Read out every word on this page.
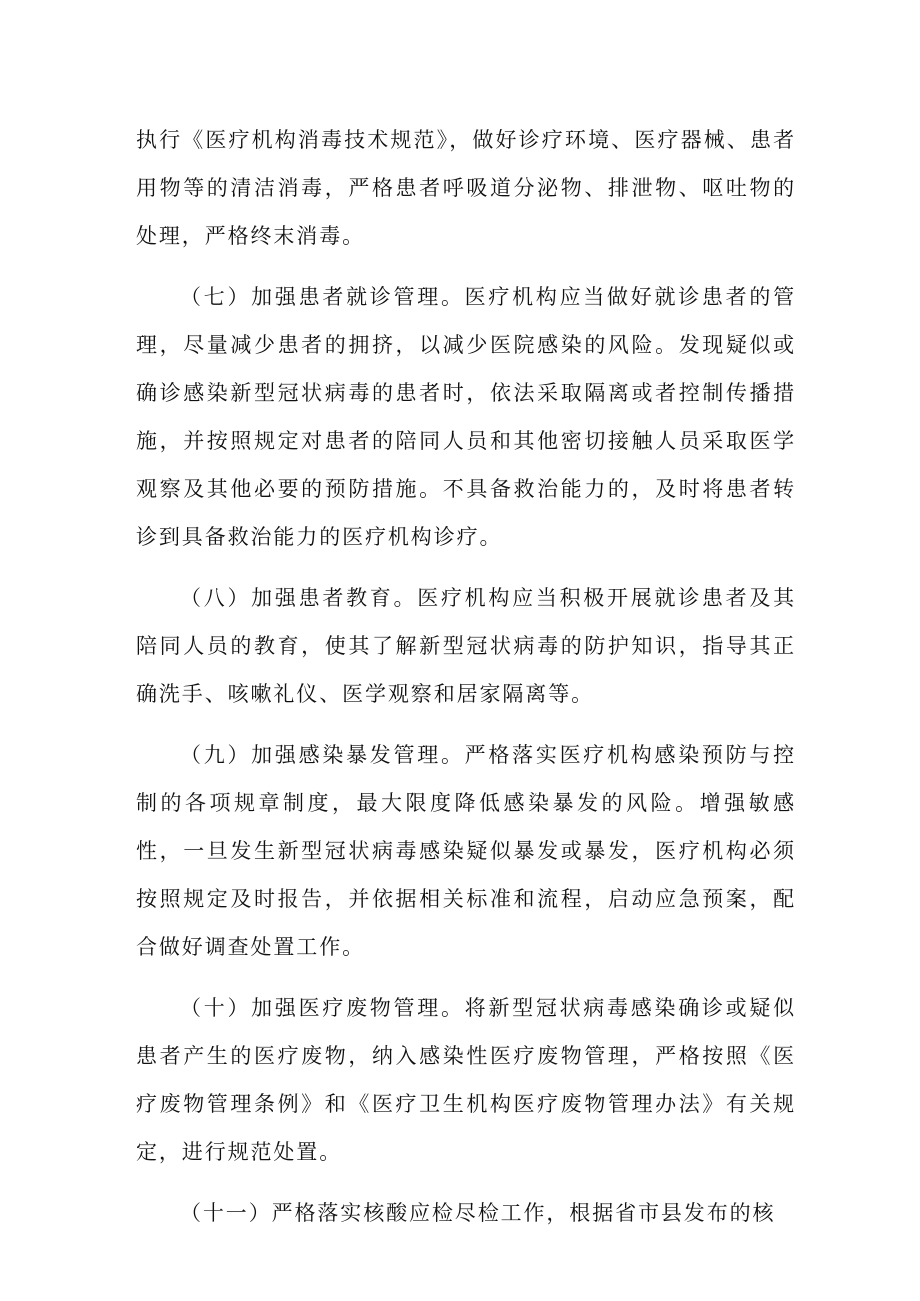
执行《医疗机构消毒技术规范》，做好诊疗环境、医疗器械、患者用物等的清洁消毒，严格患者呼吸道分泌物、排泄物、呕吐物的处理，严格终末消毒。

（七）加强患者就诊管理。医疗机构应当做好就诊患者的管理，尽量减少患者的拥挤，以减少医院感染的风险。发现疑似或确诊感染新型冠状病毒的患者时，依法采取隔离或者控制传播措施，并按照规定对患者的陪同人员和其他密切接触人员采取医学观察及其他必要的预防措施。不具备救治能力的，及时将患者转诊到具备救治能力的医疗机构诊疗。

（八）加强患者教育。医疗机构应当积极开展就诊患者及其陪同人员的教育，使其了解新型冠状病毒的防护知识，指导其正确洗手、咳嗽礼仪、医学观察和居家隔离等。

（九）加强感染暴发管理。严格落实医疗机构感染预防与控制的各项规章制度，最大限度降低感染暴发的风险。增强敏感性，一旦发生新型冠状病毒感染疑似暴发或暴发，医疗机构必须按照规定及时报告，并依据相关标准和流程，启动应急预案，配合做好调查处置工作。

（十）加强医疗废物管理。将新型冠状病毒感染确诊或疑似患者产生的医疗废物，纳入感染性医疗废物管理，严格按照《医疗废物管理条例》和《医疗卫生机构医疗废物管理办法》有关规定，进行规范处置。

（十一）严格落实核酸应检尽检工作，根据省市县发布的核
